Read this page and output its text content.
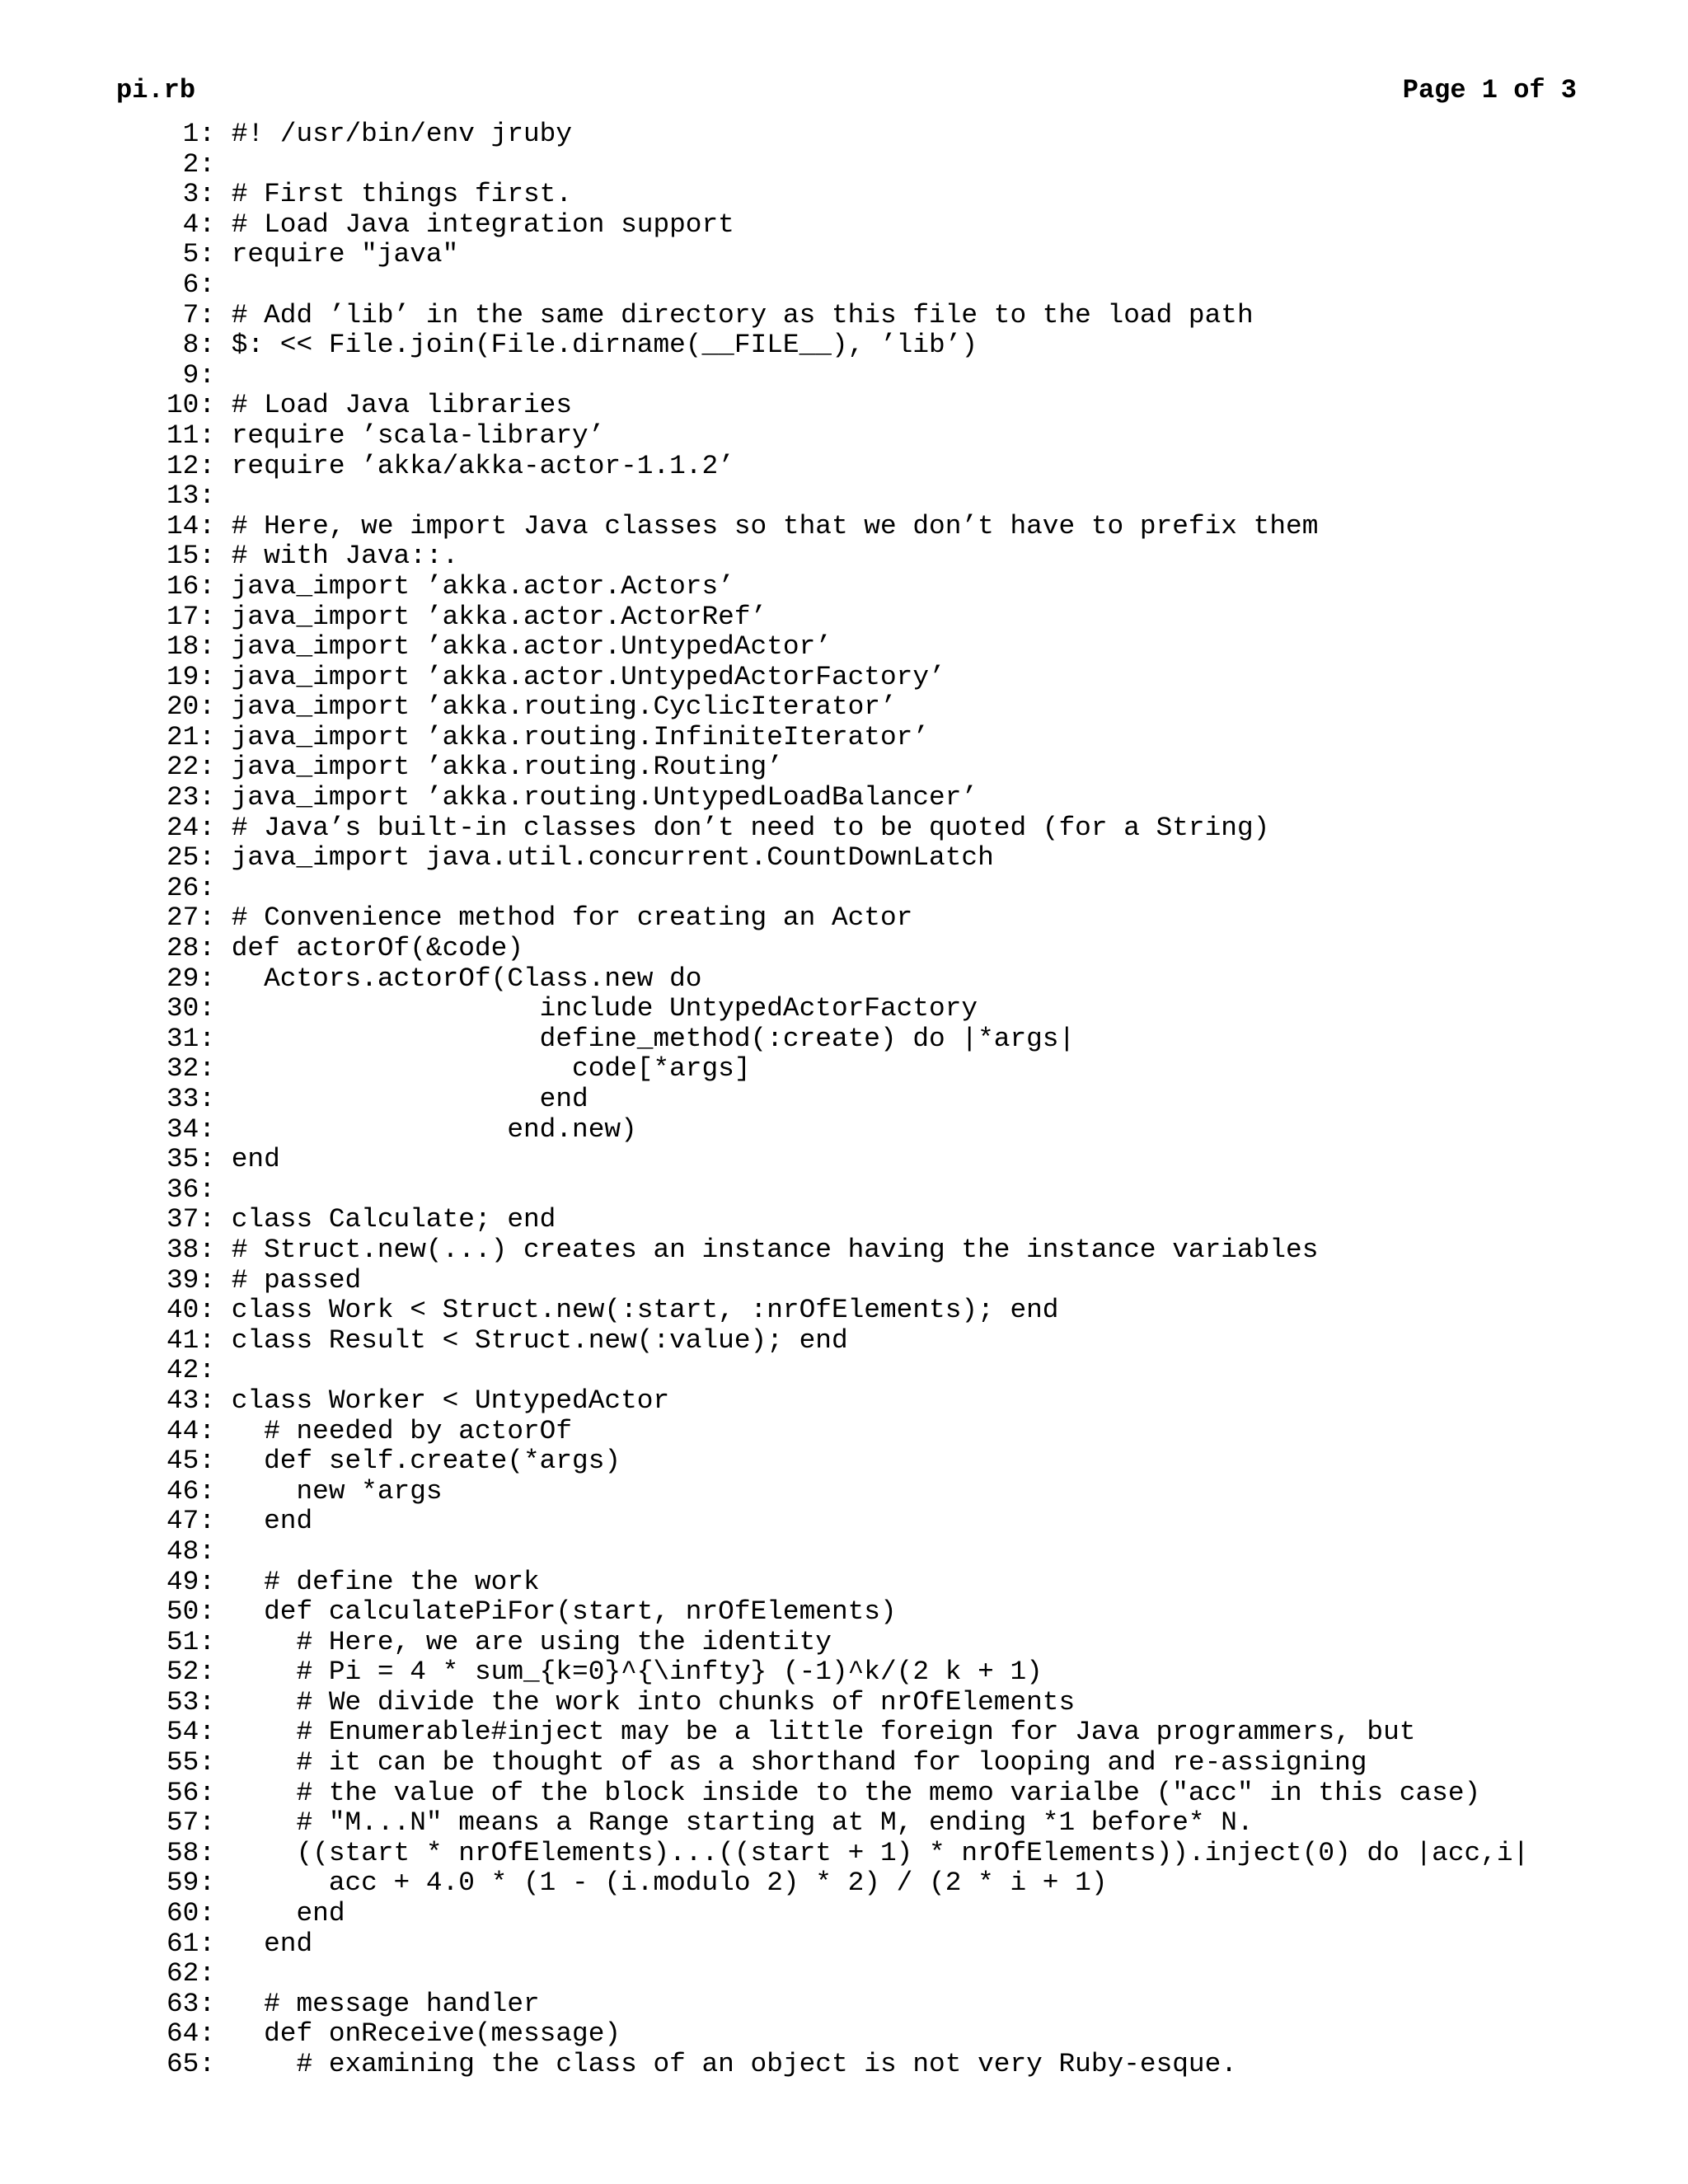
pi.rb	Page 1 of 3
1: #! /usr/bin/env jruby
2:
3: # First things first.
4: # Load Java integration support
5: require "java"
6:
7: # Add ’lib’ in the same directory as this file to the load path
8: $: << File.join(File.dirname(__FILE__), ’lib’)
9:
10: # Load Java libraries
11: require ’scala-library’
12: require ’akka/akka-actor-1.1.2’
13:
14: # Here, we import Java classes so that we don’t have to prefix them
15: # with Java::.
16: java_import ’akka.actor.Actors’
17: java_import ’akka.actor.ActorRef’
18: java_import ’akka.actor.UntypedActor’
19: java_import ’akka.actor.UntypedActorFactory’
20: java_import ’akka.routing.CyclicIterator’
21: java_import ’akka.routing.InfiniteIterator’
22: java_import ’akka.routing.Routing’
23: java_import ’akka.routing.UntypedLoadBalancer’
24: # Java’s built-in classes don’t need to be quoted (for a String)
25: java_import java.util.concurrent.CountDownLatch
26:
27: # Convenience method for creating an Actor
28: def actorOf(&code)
29:   Actors.actorOf(Class.new do
30:                    include UntypedActorFactory
31:                    define_method(:create) do |*args|
32:                      code[*args]
33:                    end
34:                  end.new)
35: end
36:
37: class Calculate; end
38: # Struct.new(...) creates an instance having the instance variables
39: # passed
40: class Work < Struct.new(:start, :nrOfElements); end
41: class Result < Struct.new(:value); end
42:
43: class Worker < UntypedActor
44:   # needed by actorOf
45:   def self.create(*args)
46:     new *args
47:   end
48:
49:   # define the work
50:   def calculatePiFor(start, nrOfElements)
51:     # Here, we are using the identity
52:     # Pi = 4 * sum_{k=0}^{\infty} (-1)^k/(2 k + 1)
53:     # We divide the work into chunks of nrOfElements
54:     # Enumerable#inject may be a little foreign for Java programmers, but
55:     # it can be thought of as a shorthand for looping and re-assigning
56:     # the value of the block inside to the memo varialbe ("acc" in this case)
57:     # "M...N" means a Range starting at M, ending *1 before* N.
58:     ((start * nrOfElements)...((start + 1) * nrOfElements)).inject(0) do |acc,i|
59:       acc + 4.0 * (1 - (i.modulo 2) * 2) / (2 * i + 1)
60:     end
61:   end
62:
63:   # message handler
64:   def onReceive(message)
65:     # examining the class of an object is not very Ruby-esque.
